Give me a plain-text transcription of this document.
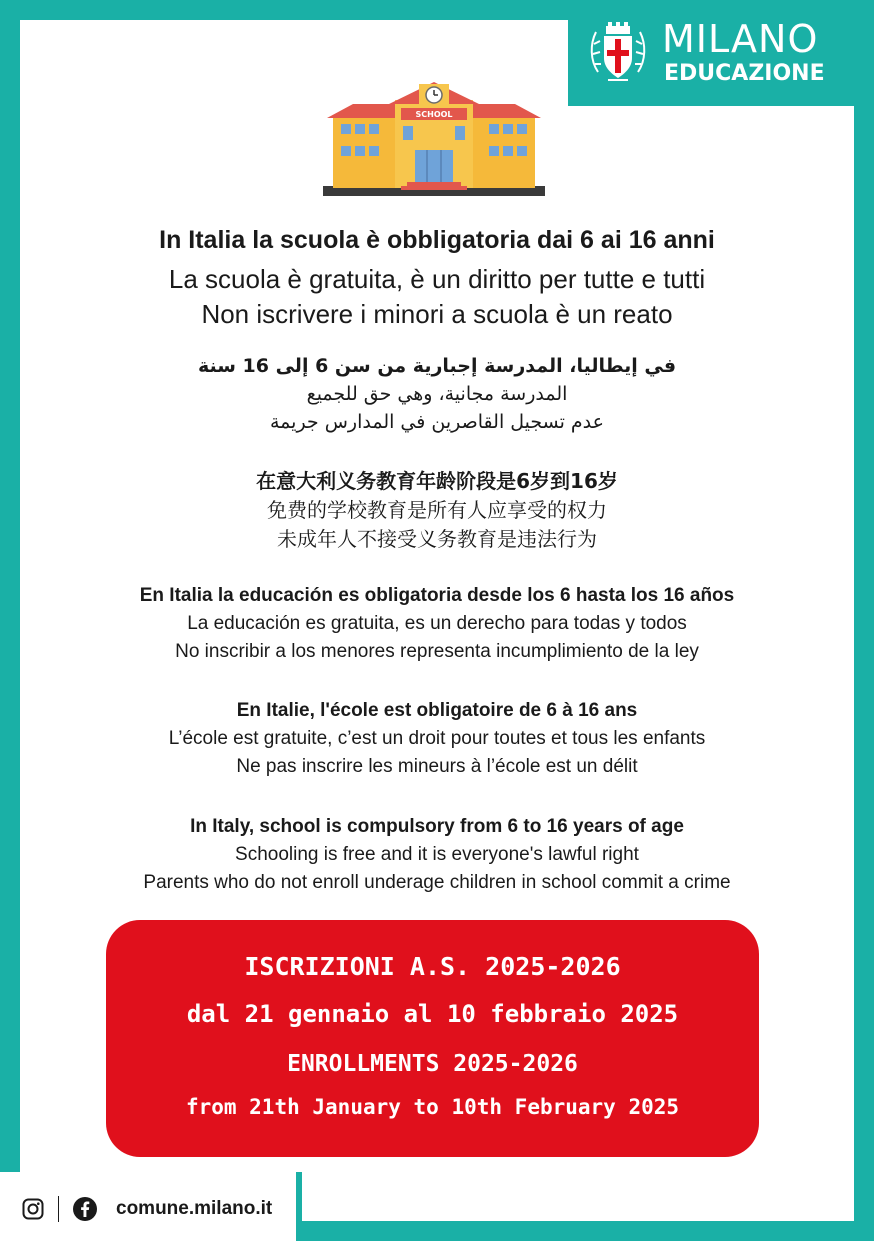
MILANO
EDUCAZIONE
SCHOOL
In Italia la scuola è obbligatoria dai 6 ai 16 anni
La scuola è gratuita, è un diritto per tutte e tutti
Non iscrivere i minori a scuola è un reato
في إيطاليا، المدرسة إجبارية من سن 6 إلى 16 سنة
المدرسة مجانية، وهي حق للجميع
عدم تسجيل القاصرين في المدارس جريمة
在意大利义务教育年龄阶段是6岁到16岁
免费的学校教育是所有人应享受的权力
未成年人不接受义务教育是违法行为
En Italia la educación es obligatoria desde los 6 hasta los 16 años
La educación es gratuita, es un derecho para todas y todos
No inscribir a los menores representa incumplimiento de la ley
En Italie, l'école est obligatoire de 6 à 16 ans
L’école est gratuite, c’est un droit pour toutes et tous les enfants
Ne pas inscrire les mineurs à l’école est un délit
In Italy, school is compulsory from 6 to 16 years of age
Schooling is free and it is everyone's lawful right
Parents who do not enroll underage children in school commit a crime
ISCRIZIONI A.S. 2025-2026
dal 21 gennaio al 10 febbraio 2025
ENROLLMENTS 2025-2026
from 21th January to 10th February 2025
comune.milano.it
